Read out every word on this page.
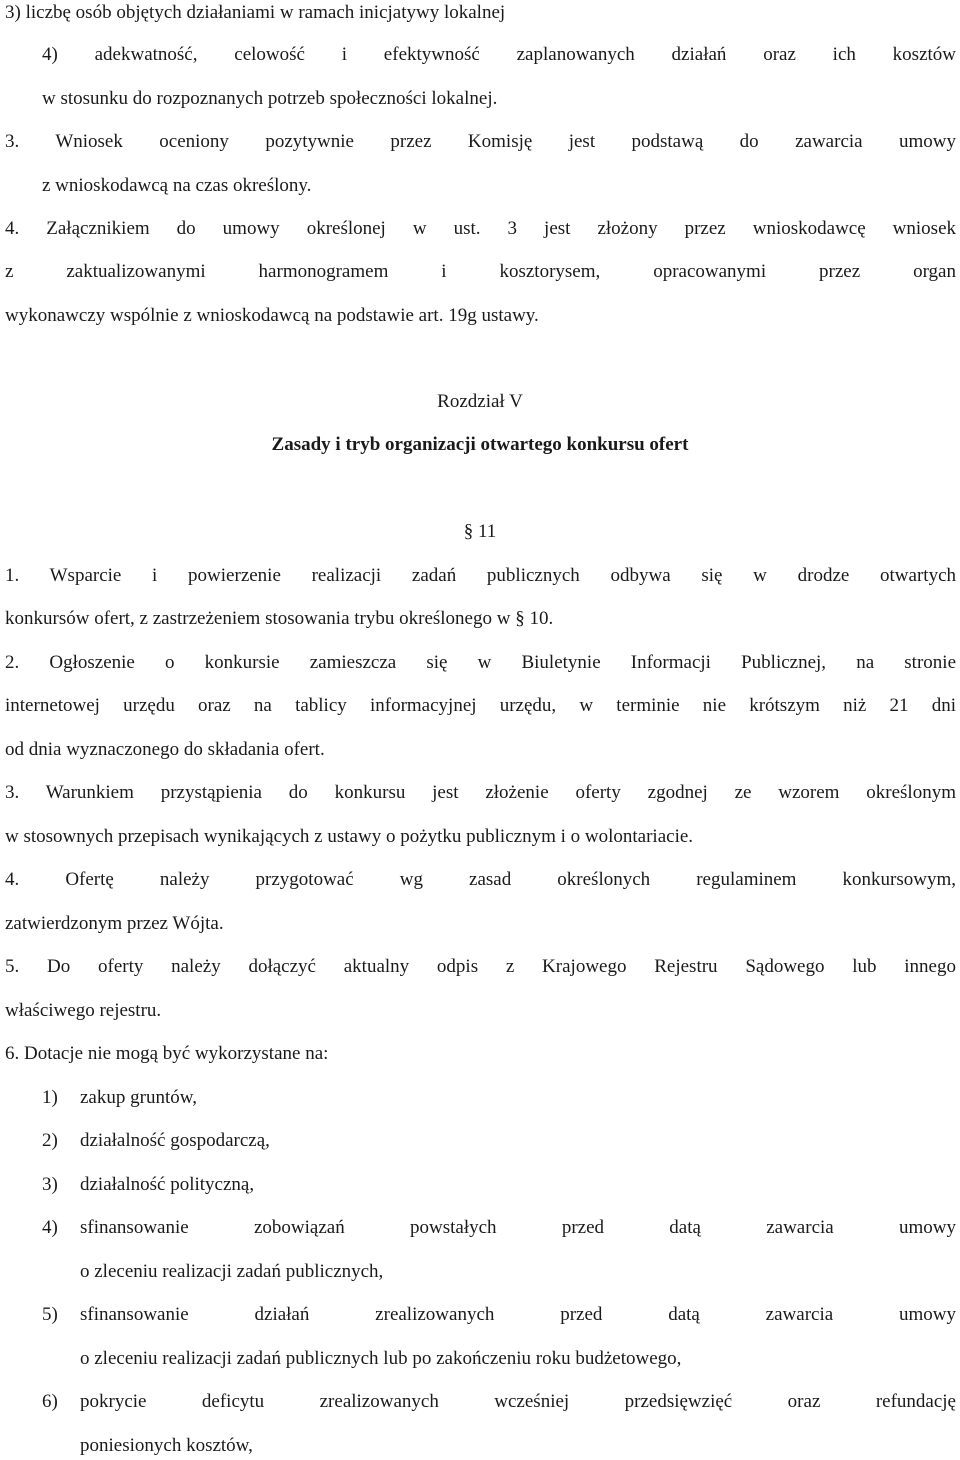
3) liczbę osób objętych działaniami w ramach inicjatywy lokalnej
4) adekwatność, celowość i efektywność zaplanowanych działań oraz ich kosztów
w stosunku do rozpoznanych potrzeb społeczności lokalnej.
3. Wniosek oceniony pozytywnie przez Komisję jest podstawą do zawarcia umowy
z wnioskodawcą na czas określony.
4. Załącznikiem do umowy określonej w ust. 3 jest złożony przez wnioskodawcę wniosek
z zaktualizowanymi harmonogramem i kosztorysem, opracowanymi przez organ
wykonawczy wspólnie z wnioskodawcą na podstawie art. 19g ustawy.
Rozdział V
Zasady i tryb organizacji otwartego konkursu ofert
§ 11
1. Wsparcie i powierzenie realizacji zadań publicznych odbywa się w drodze otwartych
konkursów ofert, z zastrzeżeniem stosowania trybu określonego w § 10.
2. Ogłoszenie o konkursie zamieszcza się w Biuletynie Informacji Publicznej, na stronie
internetowej urzędu oraz na tablicy informacyjnej urzędu, w terminie nie krótszym niż 21 dni
od dnia wyznaczonego do składania ofert.
3. Warunkiem przystąpienia do konkursu jest złożenie oferty zgodnej ze wzorem określonym
w stosownych przepisach wynikających z ustawy o pożytku publicznym i o wolontariacie.
4. Ofertę należy przygotować wg zasad określonych regulaminem konkursowym,
zatwierdzonym przez Wójta.
5. Do oferty należy dołączyć aktualny odpis z Krajowego Rejestru Sądowego lub innego
właściwego rejestru.
6. Dotacje nie mogą być wykorzystane na:
1) zakup gruntów,
2) działalność gospodarczą,
3) działalność polityczną,
4) sfinansowanie zobowiązań powstałych przed datą zawarcia umowy
o zleceniu realizacji zadań publicznych,
5) sfinansowanie działań zrealizowanych przed datą zawarcia umowy
o zleceniu realizacji zadań publicznych lub po zakończeniu roku budżetowego,
6) pokrycie deficytu zrealizowanych wcześniej przedsięwzięć oraz refundację
poniesionych kosztów,
